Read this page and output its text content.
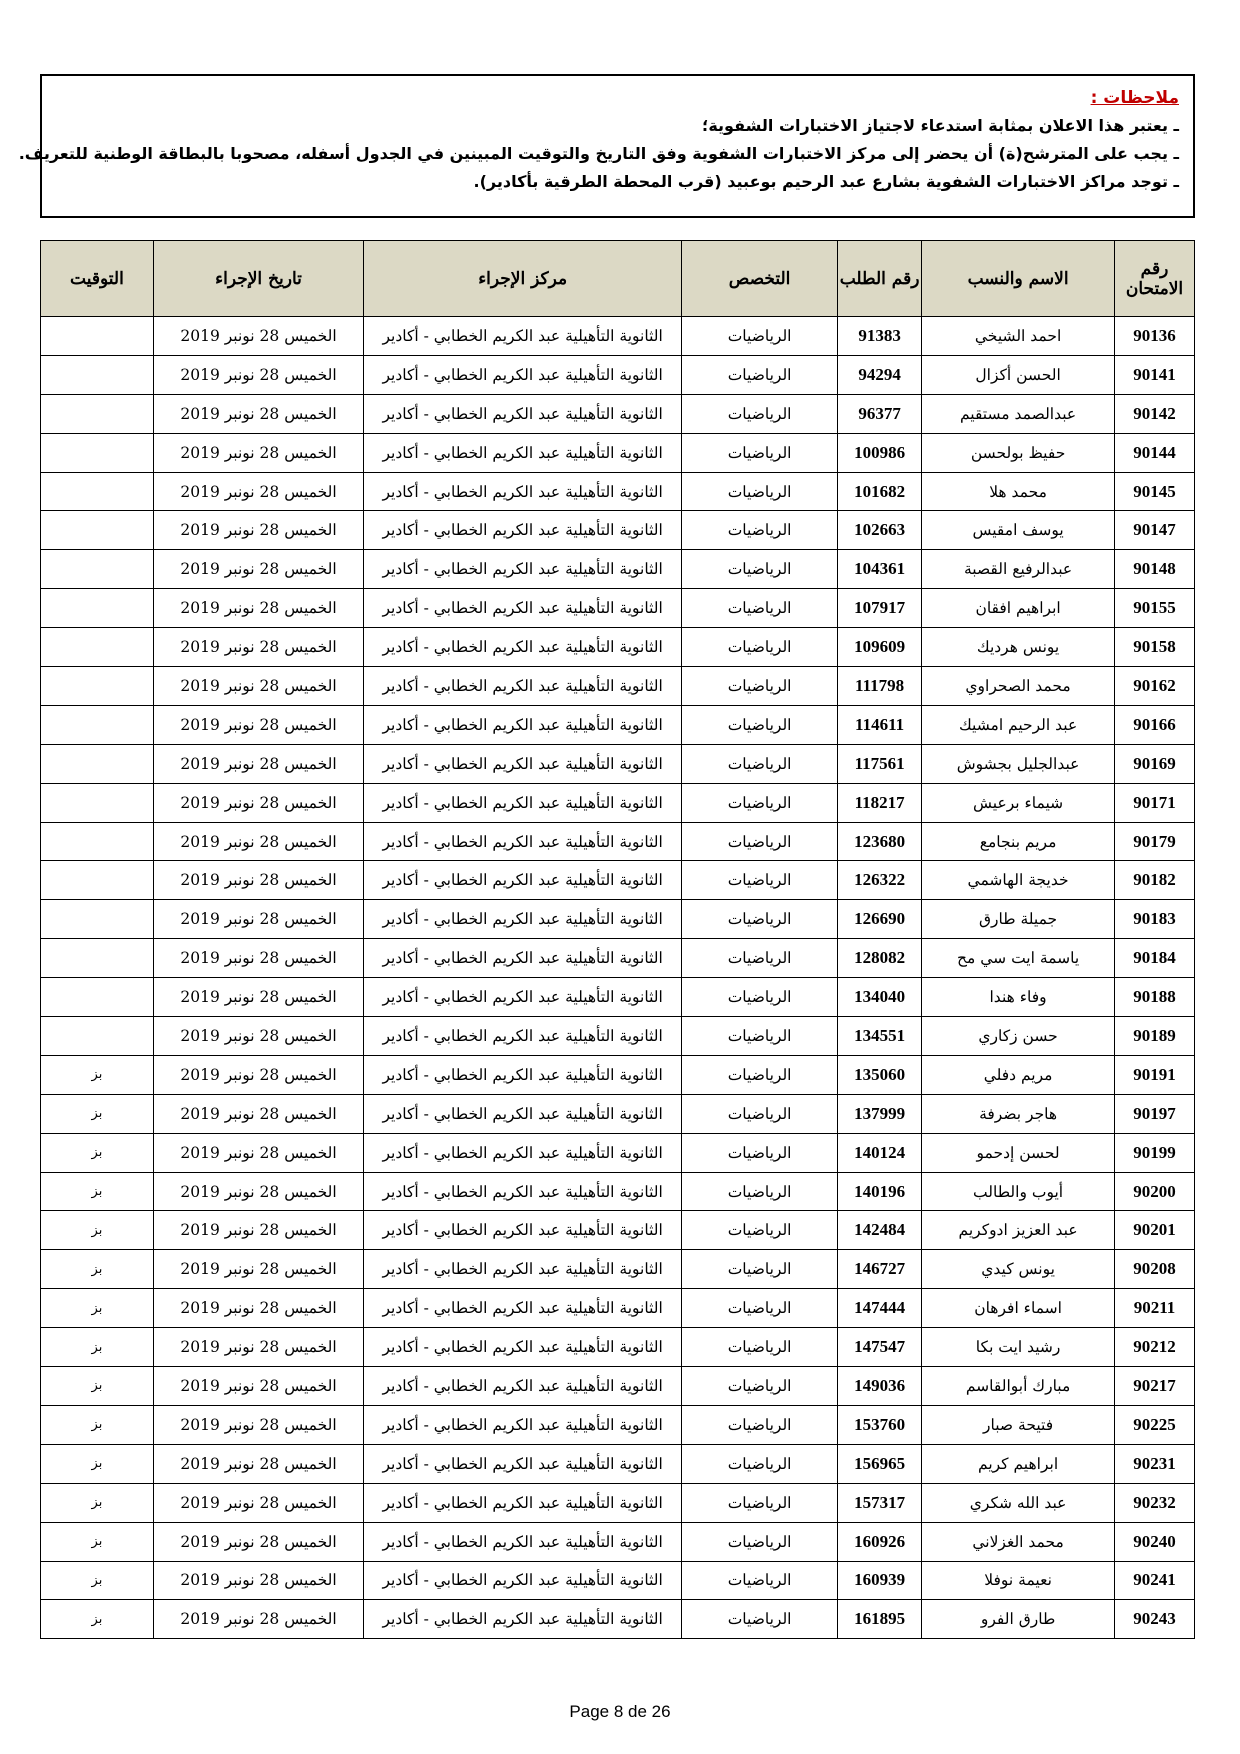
ملاحظات :
ـ يعتبر هذا الاعلان بمثابة استدعاء لاجتياز الاختبارات الشفوية؛
ـ يجب على المترشح(ة) أن يحضر إلى مركز الاختبارات الشفوية وفق التاريخ والتوقيت المبينين في الجدول أسفله، مصحوبا بالبطاقة الوطنية للتعريف.
ـ توجد مراكز الاختبارات الشفوية بشارع عبد الرحيم بوعبيد (قرب المحطة الطرقية بأكادير).
رقم الامتحان	الاسم والنسب	رقم الطلب	التخصص	مركز الإجراء	تاريخ الإجراء	التوقيت
90136	احمد الشيخي	91383	الرياضيات	الثانوية التأهيلية عبد الكريم الخطابي - أكادير	الخميس 28 نونبر 2019	
90141	الحسن أكزال	94294	الرياضيات	الثانوية التأهيلية عبد الكريم الخطابي - أكادير	الخميس 28 نونبر 2019	
90142	عبدالصمد مستقيم	96377	الرياضيات	الثانوية التأهيلية عبد الكريم الخطابي - أكادير	الخميس 28 نونبر 2019	
90144	حفيظ بولحسن	100986	الرياضيات	الثانوية التأهيلية عبد الكريم الخطابي - أكادير	الخميس 28 نونبر 2019	
90145	محمد هلا	101682	الرياضيات	الثانوية التأهيلية عبد الكريم الخطابي - أكادير	الخميس 28 نونبر 2019	
90147	يوسف امقيس	102663	الرياضيات	الثانوية التأهيلية عبد الكريم الخطابي - أكادير	الخميس 28 نونبر 2019	
90148	عبدالرفيع القصبة	104361	الرياضيات	الثانوية التأهيلية عبد الكريم الخطابي - أكادير	الخميس 28 نونبر 2019	
90155	ابراهيم افقان	107917	الرياضيات	الثانوية التأهيلية عبد الكريم الخطابي - أكادير	الخميس 28 نونبر 2019	
90158	يونس هرديك	109609	الرياضيات	الثانوية التأهيلية عبد الكريم الخطابي - أكادير	الخميس 28 نونبر 2019	
90162	محمد الصحراوي	111798	الرياضيات	الثانوية التأهيلية عبد الكريم الخطابي - أكادير	الخميس 28 نونبر 2019	
90166	عبد الرحيم امشيك	114611	الرياضيات	الثانوية التأهيلية عبد الكريم الخطابي - أكادير	الخميس 28 نونبر 2019	
90169	عبدالجليل بجشوش	117561	الرياضيات	الثانوية التأهيلية عبد الكريم الخطابي - أكادير	الخميس 28 نونبر 2019	
90171	شيماء برعيش	118217	الرياضيات	الثانوية التأهيلية عبد الكريم الخطابي - أكادير	الخميس 28 نونبر 2019	
90179	مريم بنجامع	123680	الرياضيات	الثانوية التأهيلية عبد الكريم الخطابي - أكادير	الخميس 28 نونبر 2019	
90182	خديجة الهاشمي	126322	الرياضيات	الثانوية التأهيلية عبد الكريم الخطابي - أكادير	الخميس 28 نونبر 2019	
90183	جميلة طارق	126690	الرياضيات	الثانوية التأهيلية عبد الكريم الخطابي - أكادير	الخميس 28 نونبر 2019	
90184	ياسمة ايت سي مح	128082	الرياضيات	الثانوية التأهيلية عبد الكريم الخطابي - أكادير	الخميس 28 نونبر 2019	
90188	وفاء هندا	134040	الرياضيات	الثانوية التأهيلية عبد الكريم الخطابي - أكادير	الخميس 28 نونبر 2019	
90189	حسن زكاري	134551	الرياضيات	الثانوية التأهيلية عبد الكريم الخطابي - أكادير	الخميس 28 نونبر 2019	
90191	مريم دفلي	135060	الرياضيات	الثانوية التأهيلية عبد الكريم الخطابي - أكادير	الخميس 28 نونبر 2019	بز
90197	هاجر بضرفة	137999	الرياضيات	الثانوية التأهيلية عبد الكريم الخطابي - أكادير	الخميس 28 نونبر 2019	بز
90199	لحسن إدحمو	140124	الرياضيات	الثانوية التأهيلية عبد الكريم الخطابي - أكادير	الخميس 28 نونبر 2019	بز
90200	أيوب والطالب	140196	الرياضيات	الثانوية التأهيلية عبد الكريم الخطابي - أكادير	الخميس 28 نونبر 2019	بز
90201	عبد العزيز ادوكريم	142484	الرياضيات	الثانوية التأهيلية عبد الكريم الخطابي - أكادير	الخميس 28 نونبر 2019	بز
90208	يونس كيدي	146727	الرياضيات	الثانوية التأهيلية عبد الكريم الخطابي - أكادير	الخميس 28 نونبر 2019	بز
90211	اسماء افرهان	147444	الرياضيات	الثانوية التأهيلية عبد الكريم الخطابي - أكادير	الخميس 28 نونبر 2019	بز
90212	رشيد ايت بكا	147547	الرياضيات	الثانوية التأهيلية عبد الكريم الخطابي - أكادير	الخميس 28 نونبر 2019	بز
90217	مبارك أبوالقاسم	149036	الرياضيات	الثانوية التأهيلية عبد الكريم الخطابي - أكادير	الخميس 28 نونبر 2019	بز
90225	فتيحة صبار	153760	الرياضيات	الثانوية التأهيلية عبد الكريم الخطابي - أكادير	الخميس 28 نونبر 2019	بز
90231	ابراهيم كريم	156965	الرياضيات	الثانوية التأهيلية عبد الكريم الخطابي - أكادير	الخميس 28 نونبر 2019	بز
90232	عبد الله شكري	157317	الرياضيات	الثانوية التأهيلية عبد الكريم الخطابي - أكادير	الخميس 28 نونبر 2019	بز
90240	محمد الغزلاني	160926	الرياضيات	الثانوية التأهيلية عبد الكريم الخطابي - أكادير	الخميس 28 نونبر 2019	بز
90241	نعيمة نوفلا	160939	الرياضيات	الثانوية التأهيلية عبد الكريم الخطابي - أكادير	الخميس 28 نونبر 2019	بز
90243	طارق الفرو	161895	الرياضيات	الثانوية التأهيلية عبد الكريم الخطابي - أكادير	الخميس 28 نونبر 2019	بز
Page 8 de 26
